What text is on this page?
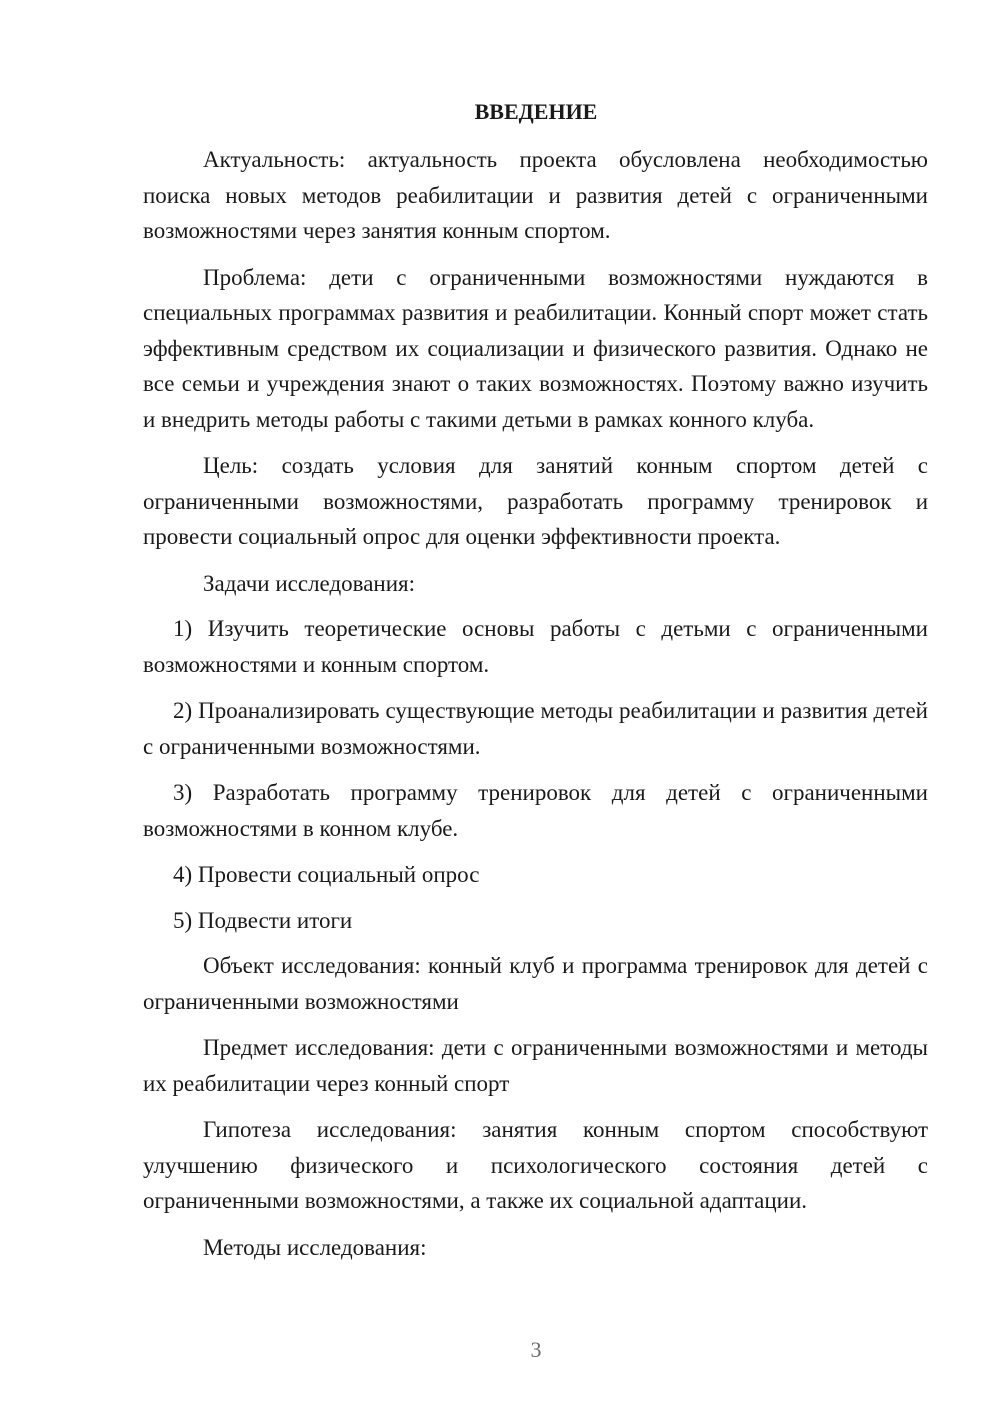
ВВЕДЕНИЕ

Актуальность: актуальность проекта обусловлена необходимостью поиска новых методов реабилитации и развития детей с ограниченными возможностями через занятия конным спортом.

Проблема: дети с ограниченными возможностями нуждаются в специальных программах развития и реабилитации. Конный спорт может стать эффективным средством их социализации и физического развития. Однако не все семьи и учреждения знают о таких возможностях. Поэтому важно изучить и внедрить методы работы с такими детьми в рамках конного клуба.

Цель: создать условия для занятий конным спортом детей с ограниченными возможностями, разработать программу тренировок и провести социальный опрос для оценки эффективности проекта.

Задачи исследования:

1) Изучить теоретические основы работы с детьми с ограниченными возможностями и конным спортом.

2) Проанализировать существующие методы реабилитации и развития детей с ограниченными возможностями.

3) Разработать программу тренировок для детей с ограниченными возможностями в конном клубе.

4) Провести социальный опрос

5) Подвести итоги

Объект исследования: конный клуб и программа тренировок для детей с ограниченными возможностями

Предмет исследования: дети с ограниченными возможностями и методы их реабилитации через конный спорт

Гипотеза исследования: занятия конным спортом способствуют улучшению физического и психологического состояния детей с ограниченными возможностями, а также их социальной адаптации.

Методы исследования:

3
